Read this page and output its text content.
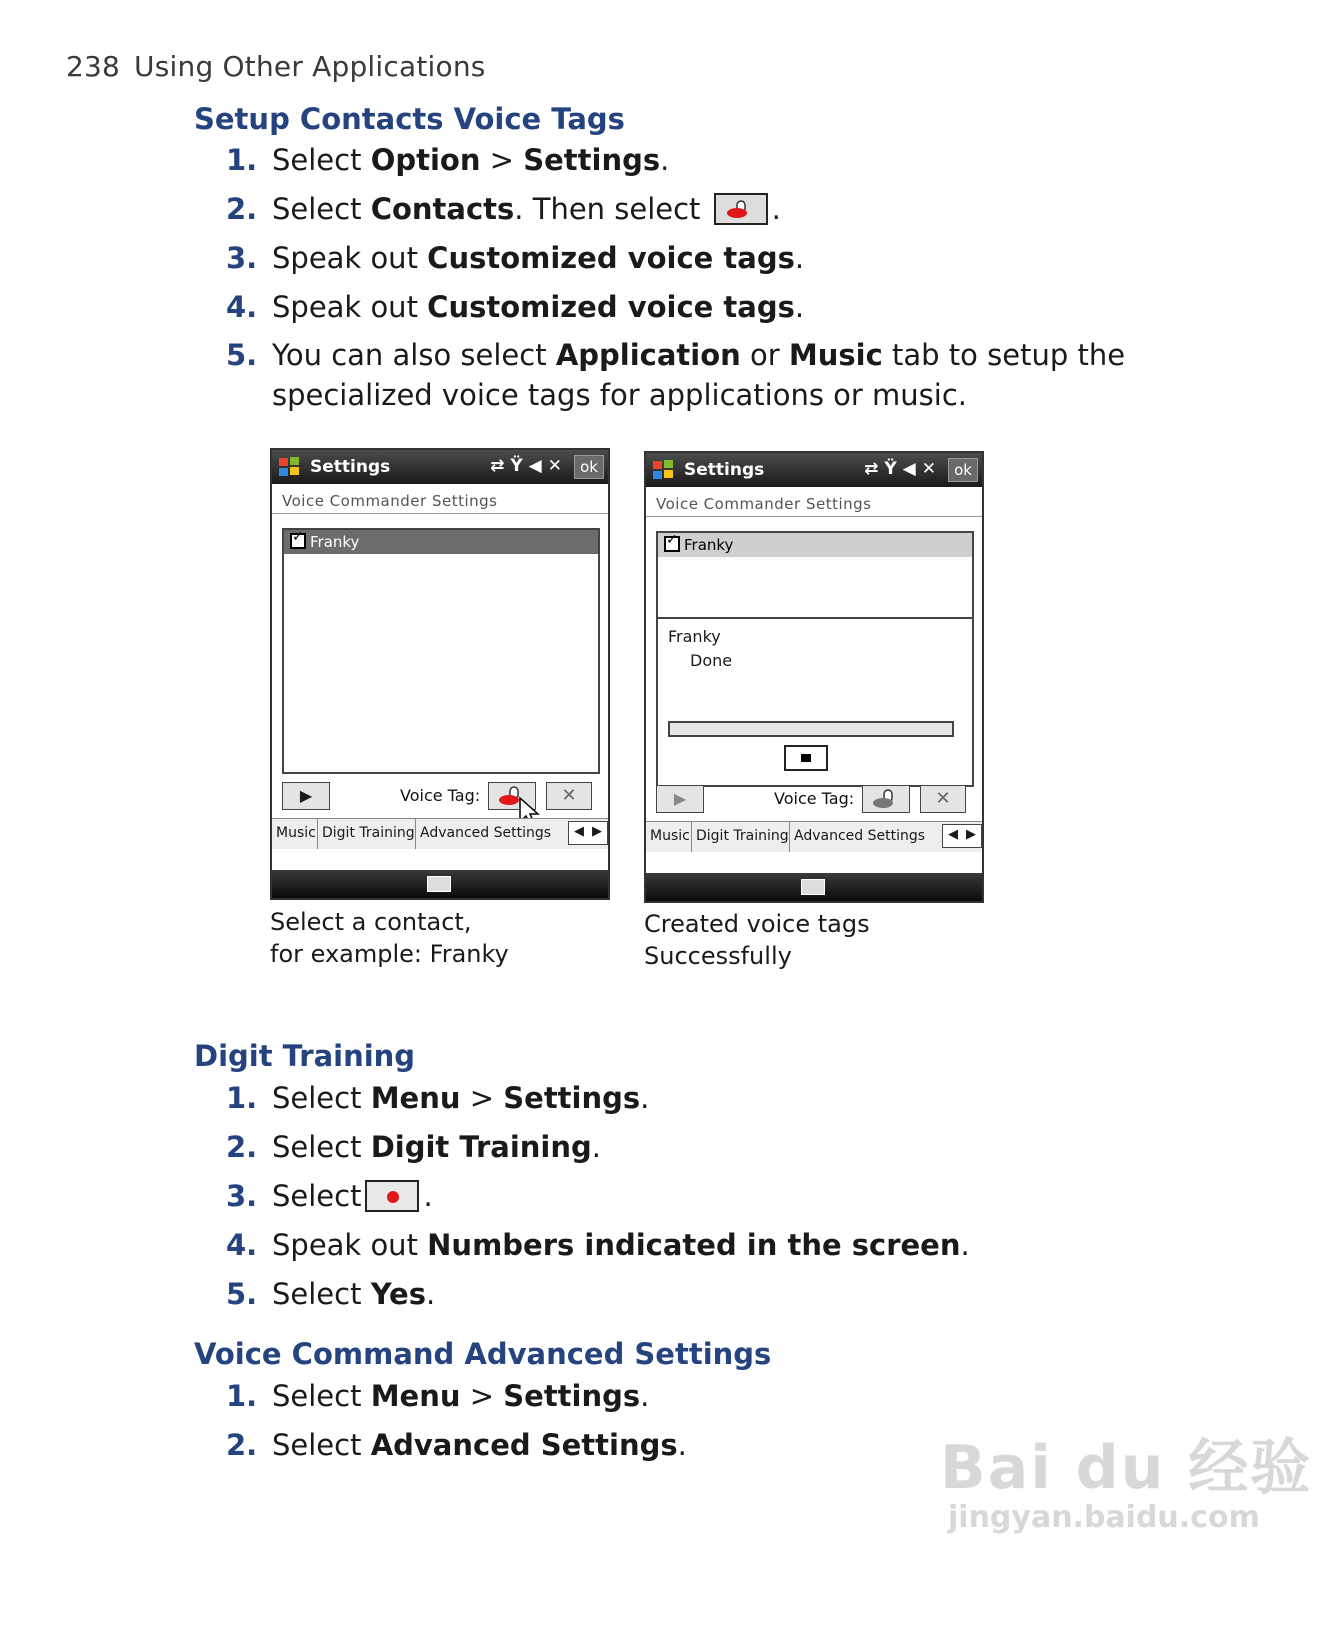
238 Using Other Applications
Setup Contacts Voice Tags
1. Select Option > Settings.
2. Select Contacts. Then select .
3. Speak out Customized voice tags.
4. Speak out Customized voice tags.
5. You can also select Application or Music tab to setup the specialized voice tags for applications or music.
Settings	⇄Ÿ◀✕ ok
Voice Commander Settings
✓Franky
▶	Voice Tag:	✕
Music Digit Training Advanced Settings ◀ ▶
Select a contact,
for example: Franky
Settings	⇄Ÿ◀✕ ok
Voice Commander Settings
✓Franky
Franky
Done
▶	Voice Tag:	✕
Music Digit Training Advanced Settings ◀ ▶
Created voice tags
Successfully
Digit Training
1. Select Menu > Settings.
2. Select Digit Training.
3. Select .
4. Speak out Numbers indicated in the screen.
5. Select Yes.
Voice Command Advanced Settings
1. Select Menu > Settings.
2. Select Advanced Settings.	Bai du 经验
jingyan.baidu.com
